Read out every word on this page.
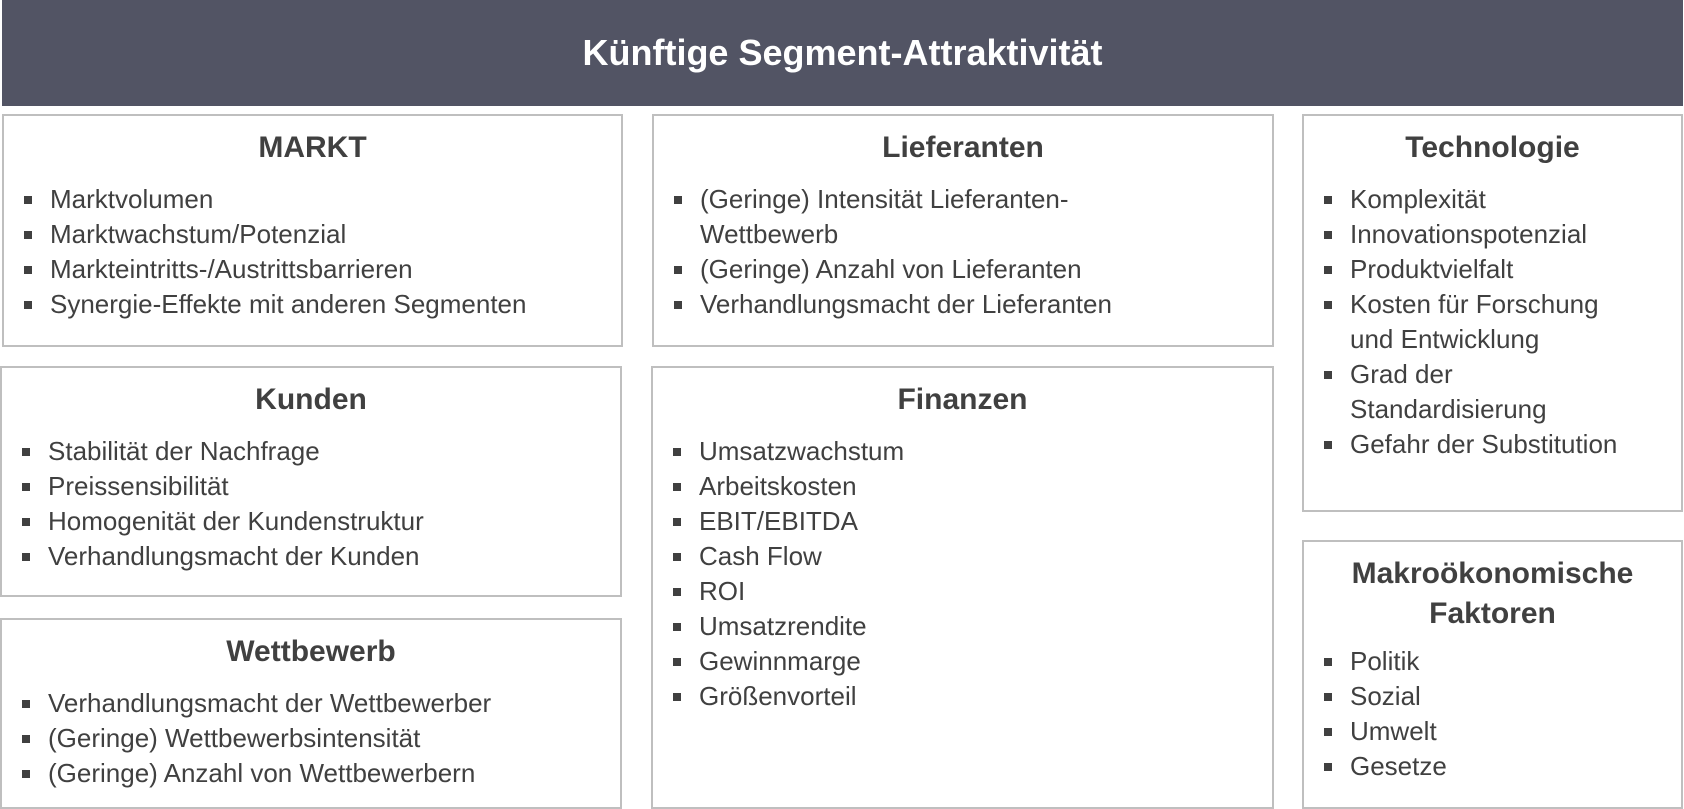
Künftige Segment-Attraktivität
MARKT
Marktvolumen
Marktwachstum/Potenzial
Markteintritts-/Austrittsbarrieren
Synergie-Effekte mit anderen Segmenten
Lieferanten
(Geringe) Intensität Lieferanten-Wettbewerb
(Geringe) Anzahl von Lieferanten
Verhandlungsmacht der Lieferanten
Technologie
Komplexität
Innovationspotenzial
Produktvielfalt
Kosten für Forschung und Entwicklung
Grad der Standardisierung
Gefahr der Substitution
Kunden
Stabilität der Nachfrage
Preissensibilität
Homogenität der Kundenstruktur
Verhandlungsmacht der Kunden
Finanzen
Umsatzwachstum
Arbeitskosten
EBIT/EBITDA
Cash Flow
ROI
Umsatzrendite
Gewinnmarge
Größenvorteil
Wettbewerb
Verhandlungsmacht der Wettbewerber
(Geringe) Wettbewerbsintensität
(Geringe) Anzahl von Wettbewerbern
Makroökonomische Faktoren
Politik
Sozial
Umwelt
Gesetze
